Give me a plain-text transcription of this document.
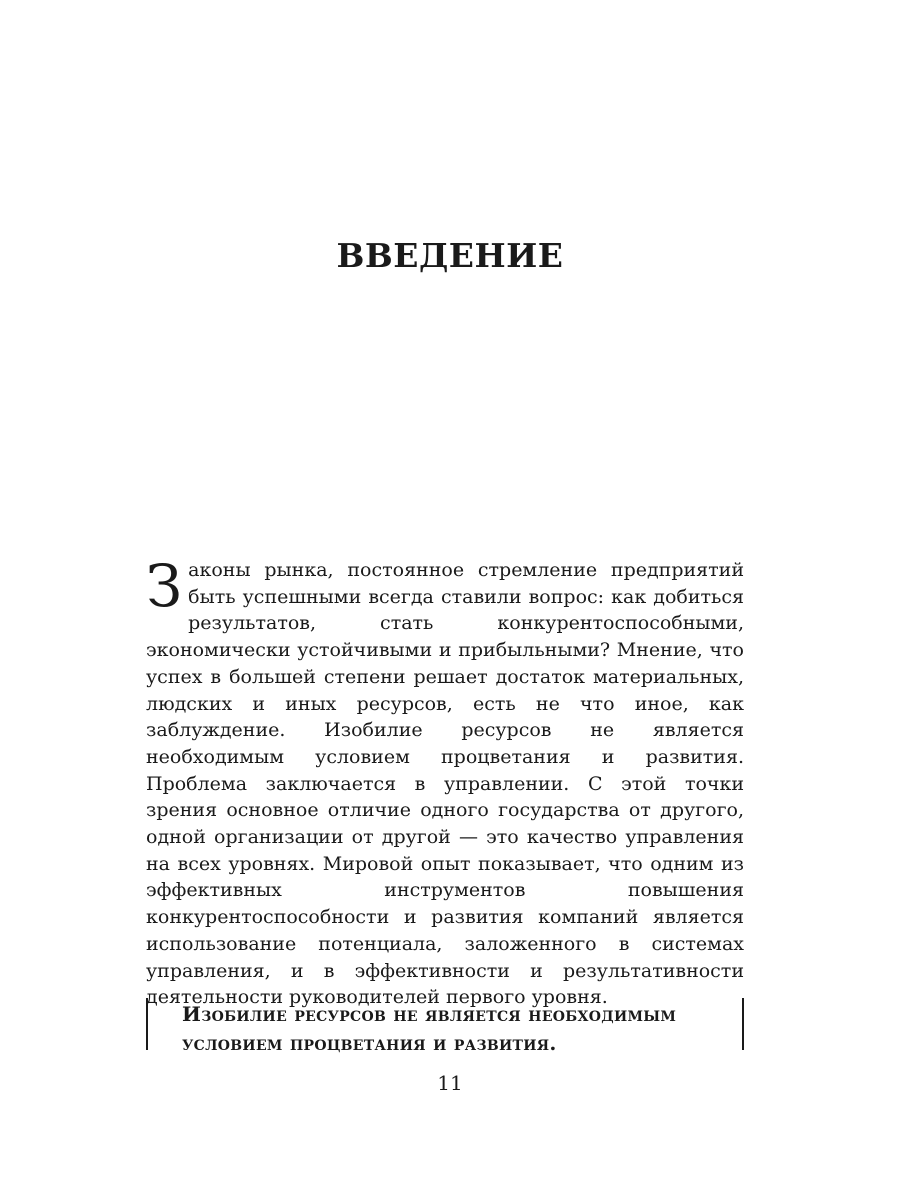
ВВЕДЕНИЕ

Законы рынка, постоянное стремление предприятий быть успешными всегда ставили вопрос: как добиться результатов, стать конкурентоспособными, экономически устойчивыми и прибыльными? Мнение, что успех в большей степени решает достаток материальных, людских и иных ресурсов, есть не что иное, как заблуждение. Изобилие ресурсов не является необходимым условием процветания и развития. Проблема заключается в управлении. С этой точки зрения основное отличие одного государства от другого, одной организации от другой — это качество управления на всех уровнях. Мировой опыт показывает, что одним из эффективных инструментов повышения конкурентоспособности и развития компаний является использование потенциала, заложенного в системах управления, и в эффективности и результативности деятельности руководителей первого уровня.

Изобилие ресурсов не является необходимым условием процветания и развития.

11
